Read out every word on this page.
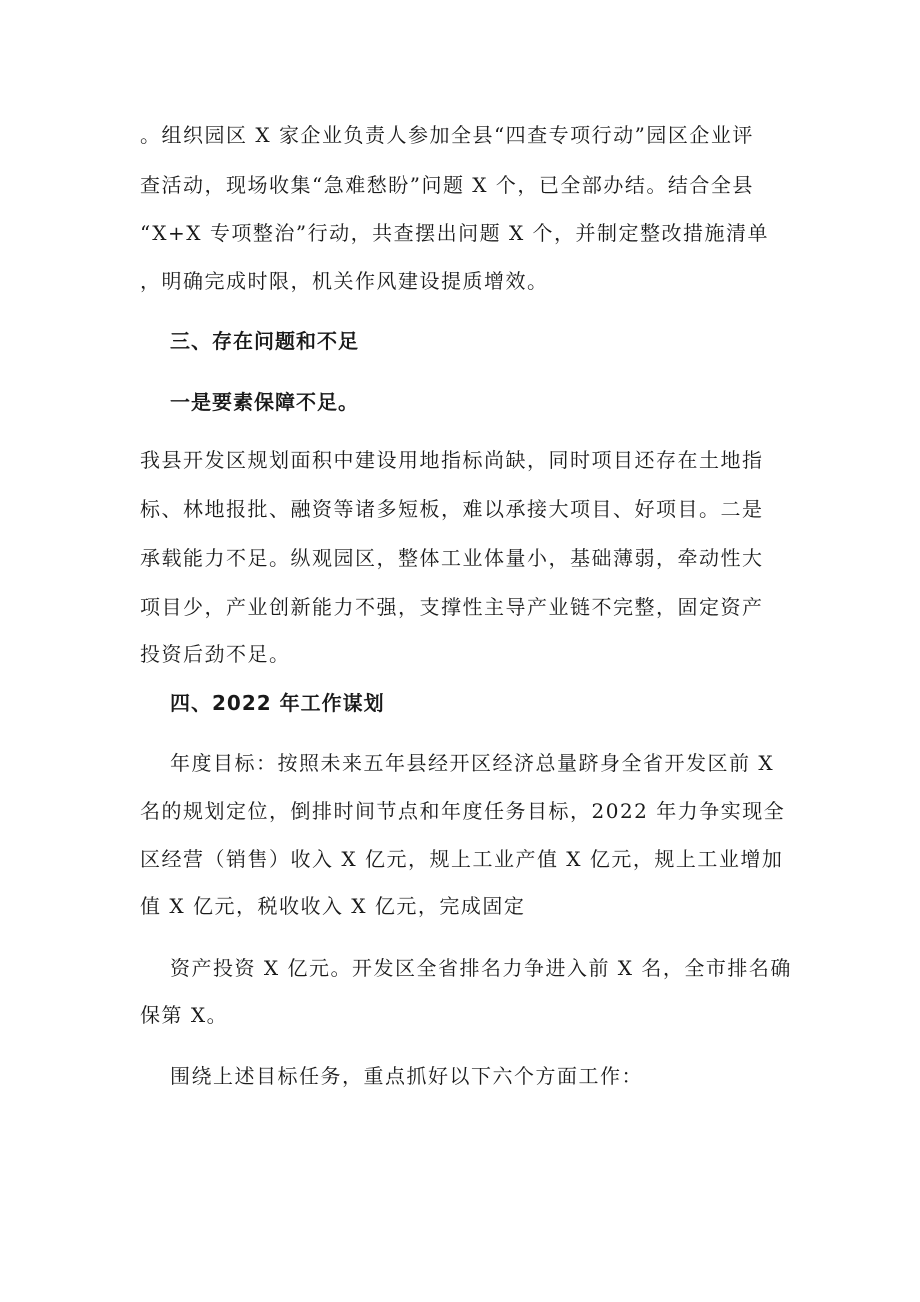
。组织园区 X 家企业负责人参加全县“四查专项行动”园区企业评
查活动，现场收集“急难愁盼”问题 X 个，已全部办结。结合全县
“X+X 专项整治”行动，共查摆出问题 X 个，并制定整改措施清单
，明确完成时限，机关作风建设提质增效。
三、存在问题和不足
一是要素保障不足。
我县开发区规划面积中建设用地指标尚缺，同时项目还存在土地指
标、林地报批、融资等诸多短板，难以承接大项目、好项目。二是
承载能力不足。纵观园区，整体工业体量小，基础薄弱，牵动性大
项目少，产业创新能力不强，支撑性主导产业链不完整，固定资产
投资后劲不足。
四、2022 年工作谋划
年度目标：按照未来五年县经开区经济总量跻身全省开发区前 X
名的规划定位，倒排时间节点和年度任务目标，2022 年力争实现全
区经营（销售）收入 X 亿元，规上工业产值 X 亿元，规上工业增加
值 X 亿元，税收收入 X 亿元，完成固定
资产投资 X 亿元。开发区全省排名力争进入前 X 名，全市排名确
保第 X。
围绕上述目标任务，重点抓好以下六个方面工作：
